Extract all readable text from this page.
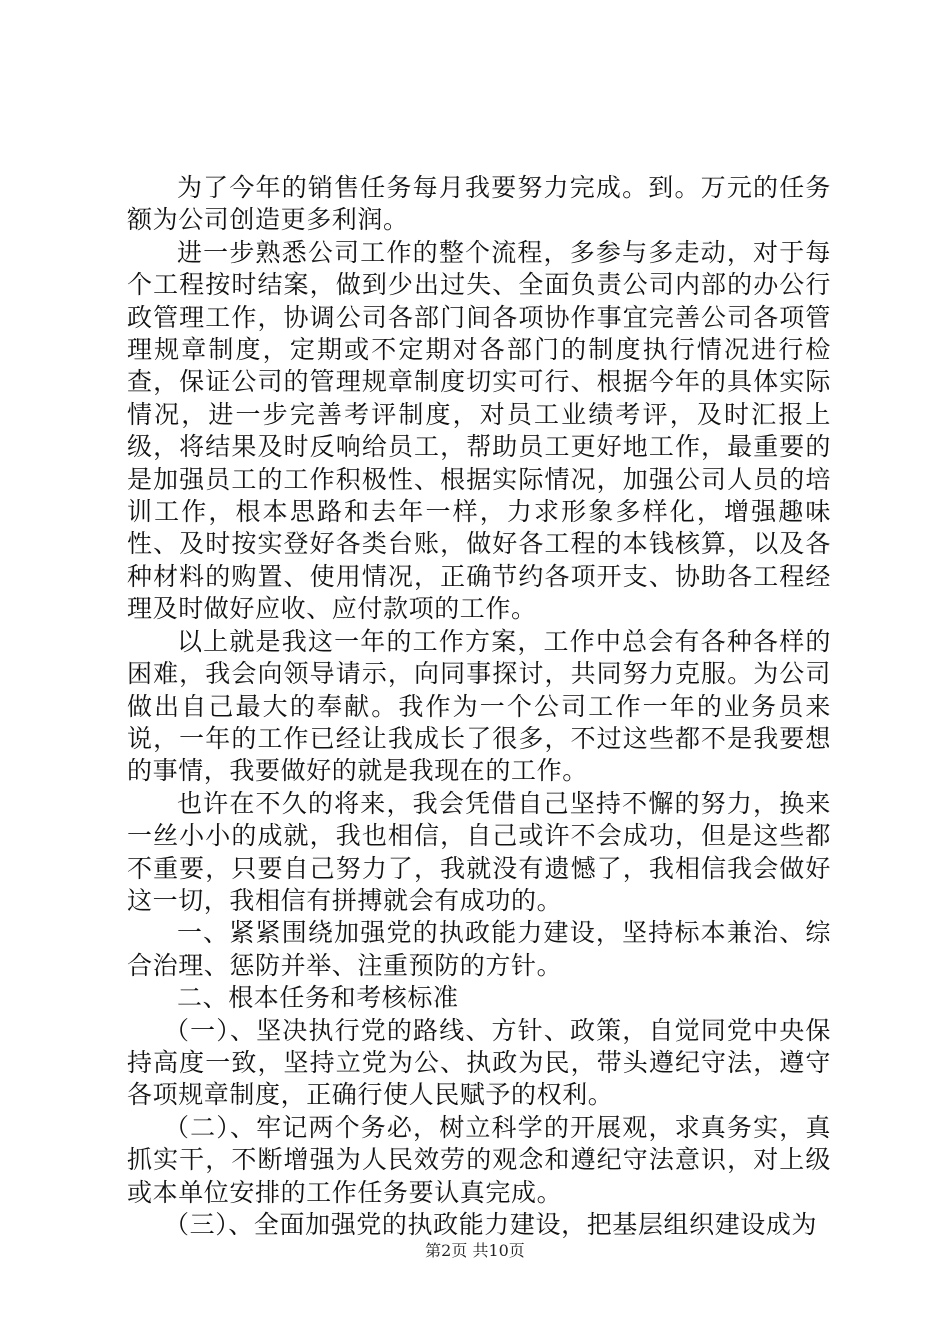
为了今年的销售任务每月我要努力完成。到。万元的任务额为公司创造更多利润。

进一步熟悉公司工作的整个流程，多参与多走动，对于每个工程按时结案，做到少出过失、全面负责公司内部的办公行政管理工作，协调公司各部门间各项协作事宜完善公司各项管理规章制度，定期或不定期对各部门的制度执行情况进行检查，保证公司的管理规章制度切实可行、根据今年的具体实际情况，进一步完善考评制度，对员工业绩考评，及时汇报上级，将结果及时反响给员工，帮助员工更好地工作，最重要的是加强员工的工作积极性、根据实际情况，加强公司人员的培训工作，根本思路和去年一样，力求形象多样化，增强趣味性、及时按实登好各类台账，做好各工程的本钱核算，以及各种材料的购置、使用情况，正确节约各项开支、协助各工程经理及时做好应收、应付款项的工作。

以上就是我这一年的工作方案，工作中总会有各种各样的困难，我会向领导请示，向同事探讨，共同努力克服。为公司做出自己最大的奉献。我作为一个公司工作一年的业务员来说，一年的工作已经让我成长了很多，不过这些都不是我要想的事情，我要做好的就是我现在的工作。

也许在不久的将来，我会凭借自己坚持不懈的努力，换来一丝小小的成就，我也相信，自己或许不会成功，但是这些都不重要，只要自己努力了，我就没有遗憾了，我相信我会做好这一切，我相信有拼搏就会有成功的。

一、紧紧围绕加强党的执政能力建设，坚持标本兼治、综合治理、惩防并举、注重预防的方针。

二、根本任务和考核标准

（一）、坚决执行党的路线、方针、政策，自觉同党中央保持高度一致，坚持立党为公、执政为民，带头遵纪守法，遵守各项规章制度，正确行使人民赋予的权利。

（二）、牢记两个务必，树立科学的开展观，求真务实，真抓实干，不断增强为人民效劳的观念和遵纪守法意识，对上级或本单位安排的工作任务要认真完成。

（三）、全面加强党的执政能力建设，把基层组织建设成为

第2页 共10页
